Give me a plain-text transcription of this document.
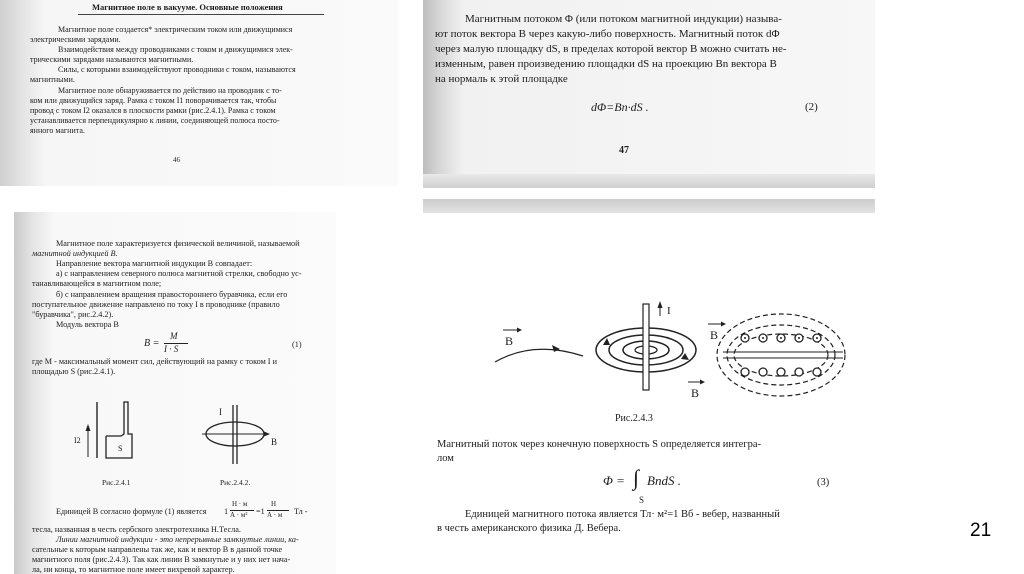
Магнитное поле в вакууме. Основные положения
Магнитное поле создается* электрическим током или движущимися
электрическими зарядами.
Взаимодействия между проводниками с током и движущимися элек-
трическими зарядами называются магнитными.
Силы, с которыми взаимодействуют проводники с током, называются
магнитными.
Магнитное поле обнаруживается по действию на проводник с то-
ком или движущийся заряд. Рамка с током I1 поворачивается так, чтобы
провод с током I2 оказался в плоскости рамки (рис.2.4.1). Рамка с током
устанавливается перпендикулярно к линии, соединяющей полюса посто-
янного магнита.
46
Магнитным потоком Φ (или потоком магнитной индукции) называ-
ют поток вектора B через какую-либо поверхность. Магнитный поток dΦ
через малую площадку dS, в пределах которой вектор B можно считать не-
изменным, равен произведению площадки dS на проекцию Bn вектора B
на нормаль к этой площадке
dΦ=Bn·dS .	(2)
47
Магнитное поле характеризуется физической величиной, называемой
магнитной индукцией B.
Направление вектора магнитной индукции B совпадает:
а) с направлением северного полюса магнитной стрелки, свободно ус-
танавливающейся в магнитном поле;
б) с направлением вращения правостороннего буравчика, если его
поступательное движение направлено по току I в проводнике (правило
"буравчика", рис.2.4.2).
Модуль вектора B
B =
M
I · S	(1)
где M - максимальный момент сил, действующий на рамку с током I и
площадью S (рис.2.4.1).
I2
S
Рис.2.4.1
I
B
Рис.2.4.2.
Единицей B согласно формуле (1) является 1
Н · м
А · м² =1
Н
А · м Тл -
тесла, названная в честь сербского электротехника Н.Тесла.
Линии магнитной индукции - это непрерывные замкнутые линии, ка-
сательные к которым направлены так же, как и вектор B в данной точке
магнитного поля (рис.2.4.3). Так как линии B замкнутые и у них нет нача-
ла, ни конца, то магнитное поле имеет вихревой характер.
B
I
B
B
Рис.2.4.3
Магнитный поток через конечную поверхность S определяется интегра-
лом
Φ = ∫
S
BndS .	(3)
Единицей магнитного потока является Тл· м²=1 Вб - вебер, названный
в честь американского физика Д. Вебера.	21
